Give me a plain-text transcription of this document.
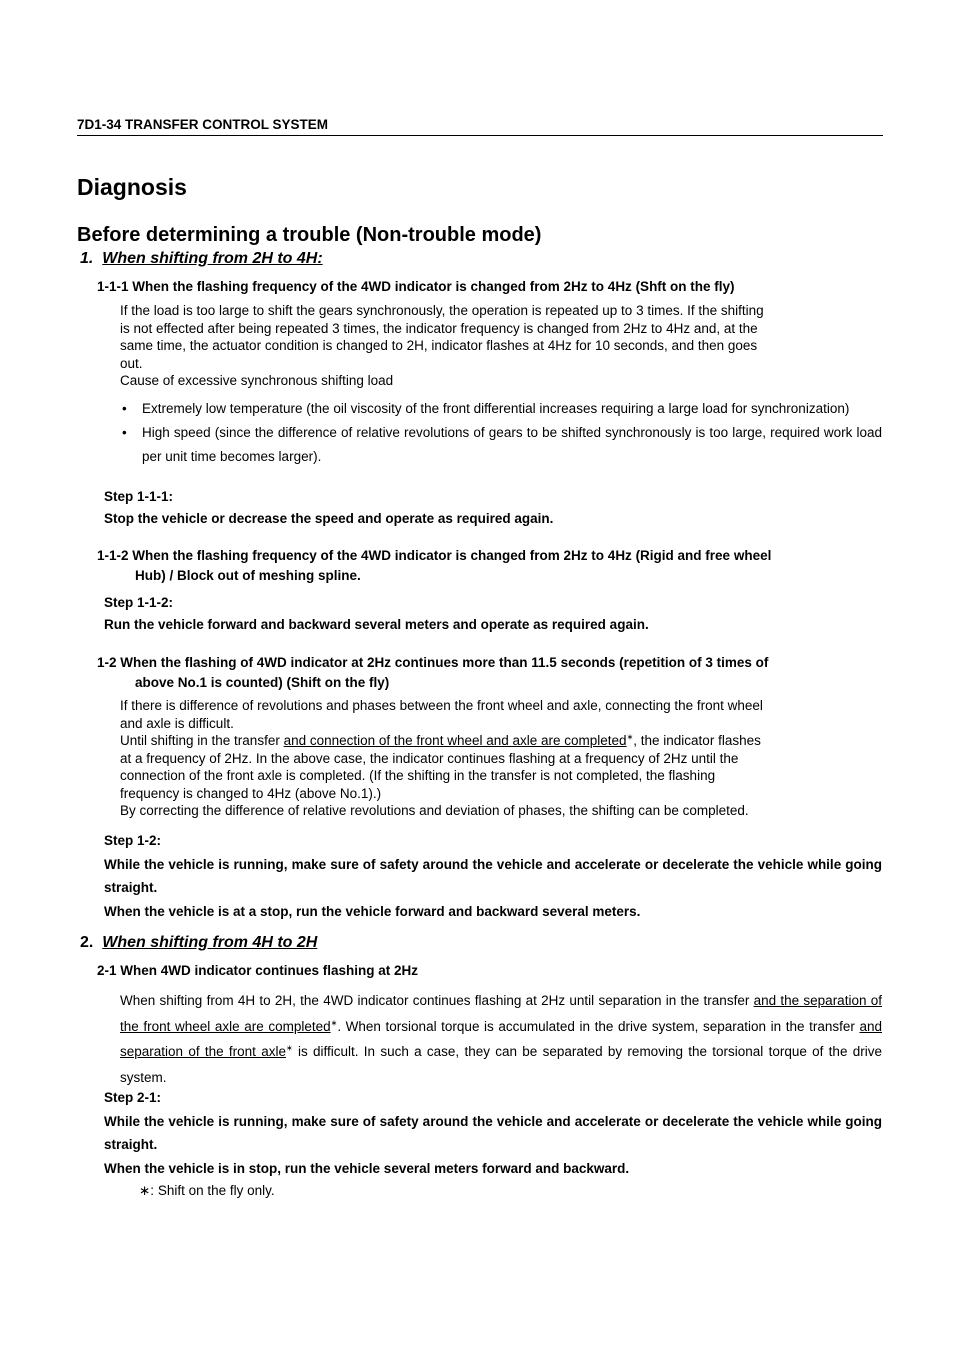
7D1-34 TRANSFER CONTROL SYSTEM
Diagnosis
Before determining a trouble (Non-trouble mode)
1. When shifting from 2H to 4H:
1-1-1 When the flashing frequency of the 4WD indicator is changed from 2Hz to 4Hz (Shft on the fly)
If the load is too large to shift the gears synchronously, the operation is repeated up to 3 times. If the shifting
is not effected after being repeated 3 times, the indicator frequency is changed from 2Hz to 4Hz and, at the
same time, the actuator condition is changed to 2H, indicator flashes at 4Hz for 10 seconds, and then goes
out.
Cause of excessive synchronous shifting load
• Extremely low temperature (the oil viscosity of the front differential increases requiring a large load for synchronization)
• High speed (since the difference of relative revolutions of gears to be shifted synchronously is too large, required work load per unit time becomes larger).
Step 1-1-1:
Stop the vehicle or decrease the speed and operate as required again.
1-1-2 When the flashing frequency of the 4WD indicator is changed from 2Hz to 4Hz (Rigid and free wheel
Hub) / Block out of meshing spline.
Step 1-1-2:
Run the vehicle forward and backward several meters and operate as required again.
1-2 When the flashing of 4WD indicator at 2Hz continues more than 11.5 seconds (repetition of 3 times of
above No.1 is counted) (Shift on the fly)
If there is difference of revolutions and phases between the front wheel and axle, connecting the front wheel
and axle is difficult.
Until shifting in the transfer and connection of the front wheel and axle are completed∗, the indicator flashes
at a frequency of 2Hz. In the above case, the indicator continues flashing at a frequency of 2Hz until the
connection of the front axle is completed. (If the shifting in the transfer is not completed, the flashing
frequency is changed to 4Hz (above No.1).)
By correcting the difference of relative revolutions and deviation of phases, the shifting can be completed.
Step 1-2:
While the vehicle is running, make sure of safety around the vehicle and accelerate or decelerate the vehicle while going straight.
When the vehicle is at a stop, run the vehicle forward and backward several meters.
2. When shifting from 4H to 2H
2-1 When 4WD indicator continues flashing at 2Hz
When shifting from 4H to 2H, the 4WD indicator continues flashing at 2Hz until separation in the transfer and the separation of the front wheel axle are completed∗. When torsional torque is accumulated in the drive system, separation in the transfer and separation of the front axle∗ is difficult. In such a case, they can be separated by removing the torsional torque of the drive system.
Step 2-1:
While the vehicle is running, make sure of safety around the vehicle and accelerate or decelerate the vehicle while going straight.
When the vehicle is in stop, run the vehicle several meters forward and backward.
∗: Shift on the fly only.
